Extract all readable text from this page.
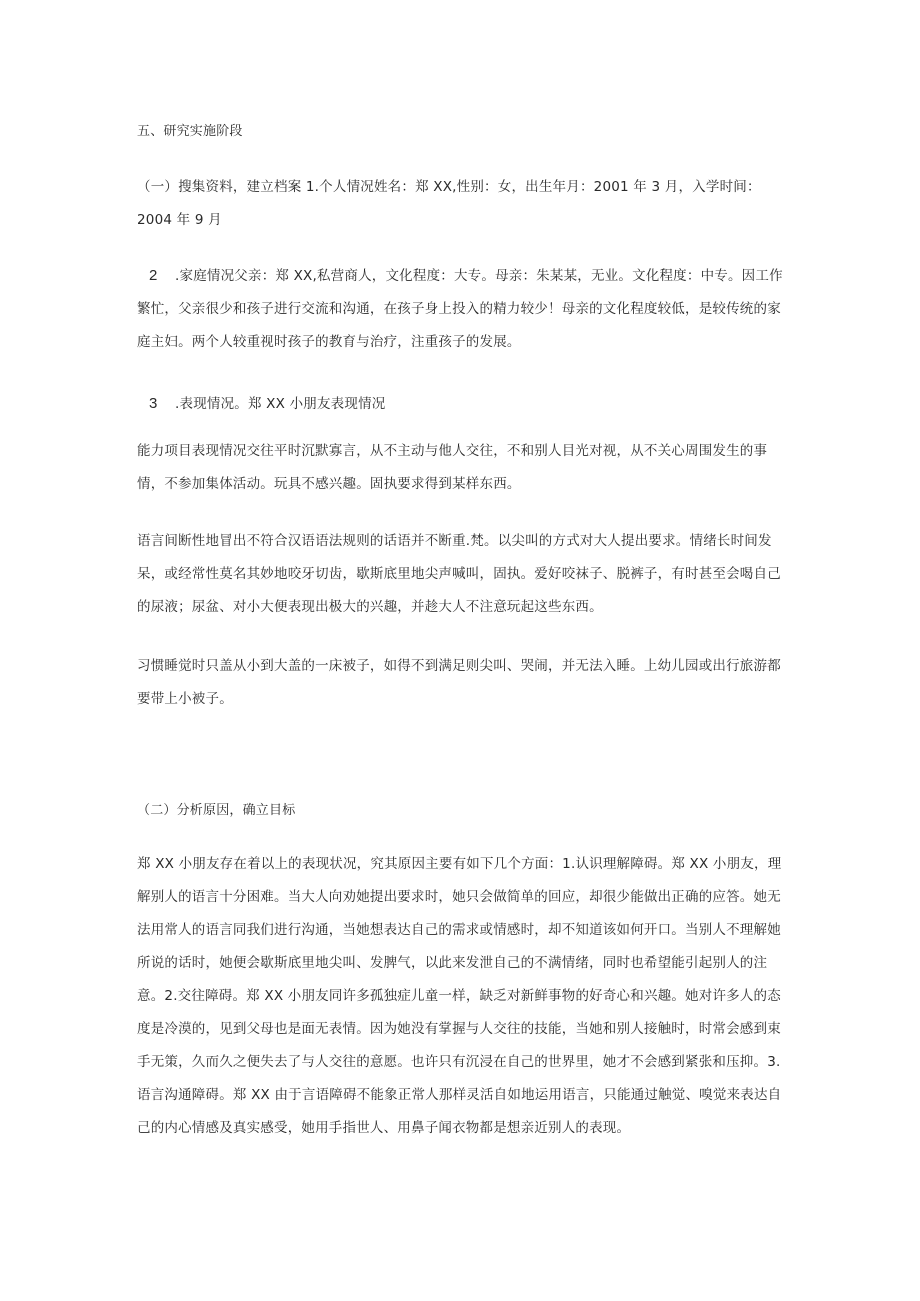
五、研究实施阶段

（一）搜集资料，建立档案 1.个人情况姓名：郑 XX,性别：女，出生年月：2001 年 3 月，入学时间：2004 年 9 月

2 .家庭情况父亲：郑 XX,私营商人，文化程度：大专。母亲：朱某某，无业。文化程度：中专。因工作繁忙，父亲很少和孩子进行交流和沟通，在孩子身上投入的精力较少！母亲的文化程度较低，是较传统的家庭主妇。两个人较重视时孩子的教育与治疗，注重孩子的发展。

3 .表现情况。郑 XX 小朋友表现情况

能力项目表现情况交往平时沉默寡言，从不主动与他人交往，不和别人目光对视，从不关心周围发生的事情，不参加集体活动。玩具不感兴趣。固执要求得到某样东西。

语言间断性地冒出不符合汉语语法规则的话语并不断重.梵。以尖叫的方式对大人提出要求。情绪长时间发呆，或经常性莫名其妙地咬牙切齿，歇斯底里地尖声喊叫，固执。爱好咬袜子、脱裤子，有时甚至会喝自己的尿液；尿盆、对小大便表现出极大的兴趣，并趁大人不注意玩起这些东西。

习惯睡觉时只盖从小到大盖的一床被子，如得不到满足则尖叫、哭闹，并无法入睡。上幼儿园或出行旅游都要带上小被子。

（二）分析原因，确立目标

郑 XX 小朋友存在着以上的表现状况，究其原因主要有如下几个方面：1.认识理解障碍。郑 XX 小朋友，理解别人的语言十分困难。当大人向劝她提出要求时，她只会做简单的回应，却很少能做出正确的应答。她无法用常人的语言同我们进行沟通，当她想表达自己的需求或情感时，却不知道该如何开口。当别人不理解她所说的话时，她便会歇斯底里地尖叫、发脾气，以此来发泄自己的不满情绪，同时也希望能引起别人的注意。2.交往障碍。郑 XX 小朋友同许多孤独症儿童一样，缺乏对新鲜事物的好奇心和兴趣。她对许多人的态度是冷漠的，见到父母也是面无表情。因为她没有掌握与人交往的技能，当她和别人接触时，时常会感到束手无策，久而久之便失去了与人交往的意愿。也许只有沉浸在自己的世界里，她才不会感到紧张和压抑。3.语言沟通障碍。郑 XX 由于言语障碍不能象正常人那样灵活自如地运用语言，只能通过触觉、嗅觉来表达自己的内心情感及真实感受，她用手指世人、用鼻子闻衣物都是想亲近别人的表现。
